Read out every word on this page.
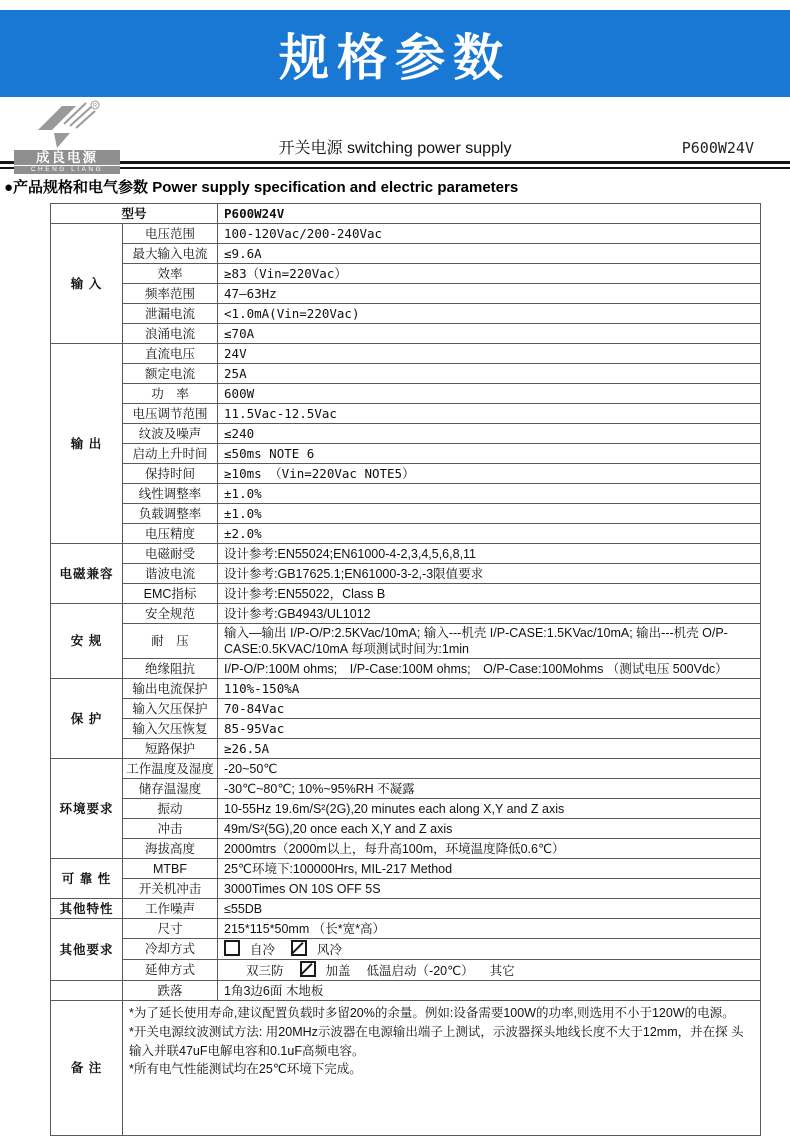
规格参数
R
成良电源
CHENG LIANG
开关电源 switching power supply	P600W24V
●产品规格和电气参数 Power supply specification and electric parameters
型号		P600W24V
输 入	电压范围	100-120Vac/200-240Vac
	最大输入电流	≤9.6A
	效率	≥83（Vin=220Vac）
	频率范围	47—63Hz
	泄漏电流	<1.0mA(Vin=220Vac)
	浪涌电流	≤70A
输 出	直流电压	24V
	额定电流	25A
	功　率	600W
	电压调节范围	11.5Vac-12.5Vac
	纹波及噪声	≤240
	启动上升时间	≤50ms NOTE 6
	保持时间	≥10ms （Vin=220Vac NOTE5）
	线性调整率	±1.0%
	负载调整率	±1.0%
	电压精度	±2.0%
电磁兼容	电磁耐受	设计参考:EN55024;EN61000-4-2,3,4,5,6,8,11
	谐波电流	设计参考:GB17625.1;EN61000-3-2,-3限值要求
	EMC指标	设计参考:EN55022，Class B
安 规	安全规范	设计参考:GB4943/UL1012
	耐　压	输入—输出 I/P-O/P:2.5KVac/10mA; 输入---机壳 I/P-CASE:1.5KVac/10mA; 输出---机壳 O/P-CASE:0.5KVAC/10mA 每项测试时间为:1min
	绝缘阻抗	I/P-O/P:100M ohms;　I/P-Case:100M ohms;　O/P-Case:100Mohms （测试电压 500Vdc）
保 护	输出电流保护	110%-150%A
	输入欠压保护	70-84Vac
	输入欠压恢复	85-95Vac
	短路保护	≥26.5A
环境要求	工作温度及湿度	-20~50℃
	储存温湿度	-30℃~80℃; 10%~95%RH 不凝露
	振动	10-55Hz 19.6m/S²(2G),20 minutes each along X,Y and Z axis
	冲击	49m/S²(5G),20 once each X,Y and Z axis
	海拔高度	2000mtrs（2000m以上，每升高100m，环境温度降低0.6℃）
可 靠 性	MTBF	25℃环境下:100000Hrs, MIL-217 Method
	开关机冲击	3000Times ON 10S OFF 5S
其他特性	工作噪声	≤55DB
其他要求	尺寸	215*115*50mm （长*宽*高）
	冷却方式	自冷 风冷
	延伸方式	双三防 加盖 低温启动（-20℃） 其它
	跌落	1角3边6面 木地板
备 注	*为了延长使用寿命,建议配置负载时多留20%的余量。例如:设备需要100W的功率,则选用不小于120W的电源。
*开关电源纹波测试方法: 用20MHz示波器在电源输出端子上测试，示波器探头地线长度不大于12mm，并在探 头输入并联47uF电解电容和0.1uF高频电容。
*所有电气性能测试均在25℃环境下完成。	
